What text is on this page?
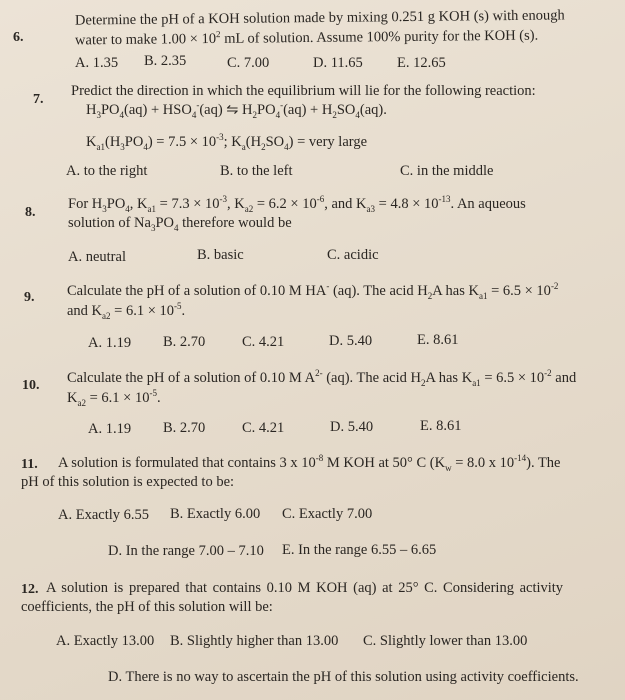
6.
Determine the pH of a KOH solution made by mixing 0.251 g KOH (s) with enough
water to make $1.00 \times 10^2$ mL of solution. Assume 100% purity for the KOH (s).
A. 1.35 B. 2.35	C. 7.00	D. 11.65 E. 12.65
7.
Predict the direction in which the equilibrium will lie for the following reaction:
$H_3PO_4(aq) + HSO_4^-(aq)$ ⇋ $H_2PO_4^-(aq) + H_2SO_4(aq)$.
$K_{a1}(H_3PO_4) = 7.5 \times 10^{-3}$; $K_a(H_2SO_4)$ = very large
A. to the right	B. to the left	C. in the middle
8.
For $H_3PO_4$, $K_{a1} = 7.3 \times 10^{-3}$, $K_{a2} = 6.2 \times 10^{-6}$, and $K_{a3} = 4.8 \times 10^{-13}$. An aqueous
solution of $Na_3PO_4$ therefore would be
A. neutral	B. basic	C. acidic
9. Calculate the pH of a solution of 0.10 M HA- (aq). The acid $H_2A$ has $K_{a1} = 6.5 \times 10^{-2}$
and $K_{a2} = 6.1 \times 10^{-5}$.
A. 1.19 B. 2.70	C. 4.21	D. 5.40	E. 8.61
10. Calculate the pH of a solution of 0.10 M $A^{2-}$ (aq). The acid $H_2A$ has $K_{a1} = 6.5 \times 10^{-2}$ and
$K_{a2} = 6.1 \times 10^{-5}$.
A. 1.19 B. 2.70	C. 4.21	D. 5.40	E. 8.61
11. A solution is formulated that contains 3 x $10^{-8}$ M KOH at 50° C ($K_w = 8.0$ x $10^{-14}$). The
pH of this solution is expected to be:
A. Exactly 6.55 B. Exactly 6.00 C. Exactly 7.00
D. In the range 7.00 – 7.10 E. In the range 6.55 – 6.65
12. A solution is prepared that contains 0.10 M KOH (aq) at 25° C. Considering activity
coefficients, the pH of this solution will be:
A. Exactly 13.00 B. Slightly higher than 13.00 C. Slightly lower than 13.00
D. There is no way to ascertain the pH of this solution using activity coefficients.
